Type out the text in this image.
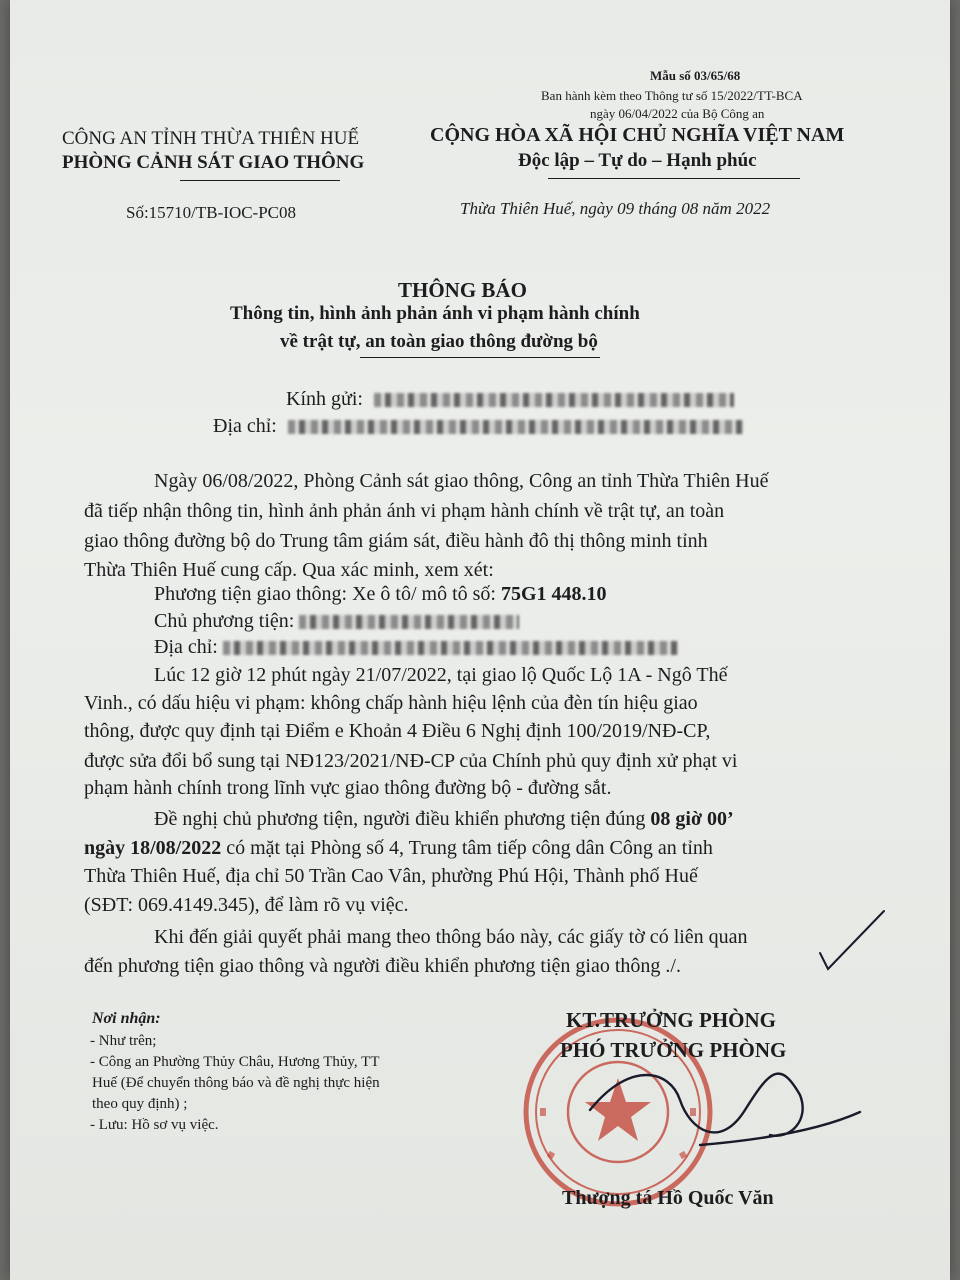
Mẫu số 03/65/68
Ban hành kèm theo Thông tư số 15/2022/TT-BCA
ngày 06/04/2022 của Bộ Công an
CÔNG AN TỈNH THỪA THIÊN HUẾ
PHÒNG CẢNH SÁT GIAO THÔNG
Số:15710/TB-IOC-PC08
CỘNG HÒA XÃ HỘI CHỦ NGHĨA VIỆT NAM
Độc lập – Tự do – Hạnh phúc
Thừa Thiên Huế, ngày 09 tháng 08 năm 2022
THÔNG BÁO
Thông tin, hình ảnh phản ánh vi phạm hành chính
về trật tự, an toàn giao thông đường bộ
Kính gửi:
Địa chỉ:
Ngày 06/08/2022, Phòng Cảnh sát giao thông, Công an tỉnh Thừa Thiên Huế
đã tiếp nhận thông tin, hình ảnh phản ánh vi phạm hành chính về trật tự, an toàn
giao thông đường bộ do Trung tâm giám sát, điều hành đô thị thông minh tỉnh
Thừa Thiên Huế cung cấp. Qua xác minh, xem xét:
Phương tiện giao thông: Xe ô tô/ mô tô số: 75G1 448.10
Chủ phương tiện:
Địa chỉ:
Lúc 12 giờ 12 phút ngày 21/07/2022, tại giao lộ Quốc Lộ 1A - Ngô Thế
Vinh., có dấu hiệu vi phạm: không chấp hành hiệu lệnh của đèn tín hiệu giao
thông, được quy định tại Điểm e Khoản 4 Điều 6 Nghị định 100/2019/NĐ-CP,
được sửa đổi bổ sung tại NĐ123/2021/NĐ-CP của Chính phủ quy định xử phạt vi
phạm hành chính trong lĩnh vực giao thông đường bộ - đường sắt.
Đề nghị chủ phương tiện, người điều khiển phương tiện đúng 08 giờ 00’
ngày 18/08/2022 có mặt tại Phòng số 4, Trung tâm tiếp công dân Công an tỉnh
Thừa Thiên Huế, địa chỉ 50 Trần Cao Vân, phường Phú Hội, Thành phố Huế
(SĐT: 069.4149.345), để làm rõ vụ việc.
Khi đến giải quyết phải mang theo thông báo này, các giấy tờ có liên quan
đến phương tiện giao thông và người điều khiển phương tiện giao thông ./.
Nơi nhận:
- Như trên;
- Công an Phường Thủy Châu, Hương Thủy, TT
Huế (Để chuyển thông báo và đề nghị thực hiện
theo quy định) ;
- Lưu: Hồ sơ vụ việc.
KT.TRƯỞNG PHÒNG
PHÓ TRƯỞNG PHÒNG
Thượng tá Hồ Quốc Văn
